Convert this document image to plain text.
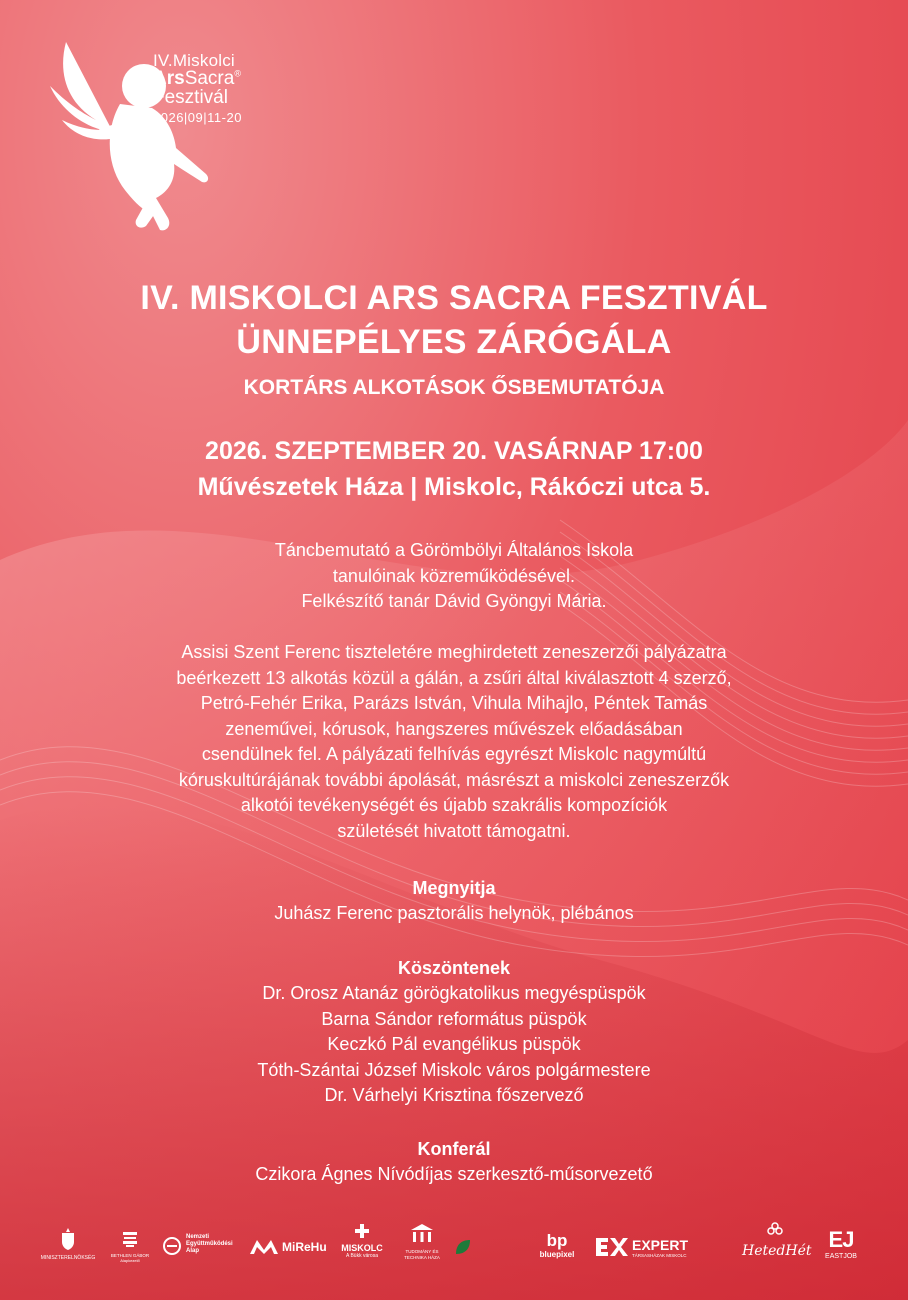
IV.Miskolci
ArsSacra®
Fesztivál
2026|09|11-20
IV. MISKOLCI ARS SACRA FESZTIVÁL
ÜNNEPÉLYES ZÁRÓGÁLA
KORTÁRS ALKOTÁSOK ŐSBEMUTATÓJA
2026. SZEPTEMBER 20. VASÁRNAP 17:00
Művészetek Háza | Miskolc, Rákóczi utca 5.
Táncbemutató a Görömbölyi Általános Iskola
tanulóinak közreműködésével.
Felkészítő tanár Dávid Gyöngyi Mária.
Assisi Szent Ferenc tiszteletére meghirdetett zeneszerzői pályázatra
beérkezett 13 alkotás közül a gálán, a zsűri által kiválasztott 4 szerző,
Petró-Fehér Erika, Parázs István, Vihula Mihajlo, Péntek Tamás
zeneművei, kórusok, hangszeres művészek előadásában
csendülnek fel. A pályázati felhívás egyrészt Miskolc nagymúltú
kóruskultúrájának további ápolását, másrészt a miskolci zeneszerzők
alkotói tevékenységét és újabb szakrális kompozíciók
születését hivatott támogatni.
Megnyitja
Juhász Ferenc pasztorális helynök, plébános
Köszöntenek
Dr. Orosz Atanáz görögkatolikus megyéspüspök
Barna Sándor református püspök
Keczkó Pál evangélikus püspök
Tóth-Szántai József Miskolc város polgármestere
Dr. Várhelyi Krisztina főszervező
Konferál
Czikora Ágnes Nívódíjas szerkesztő-műsorvezető
MINISZTERELNÖKSÉG	BETHLEN GÁBOR
Alapkezelő
Nemzeti Együttműködési Alap	MiReHu	MISKOLC
A Bükk városa
TUDOMÁNY ÉS TECHNIKA HÁZA
bp
bluepixel
EXPERT
TÁRSASHÁZAK MISKOLC	HetedHét EJ
EASTJOB
